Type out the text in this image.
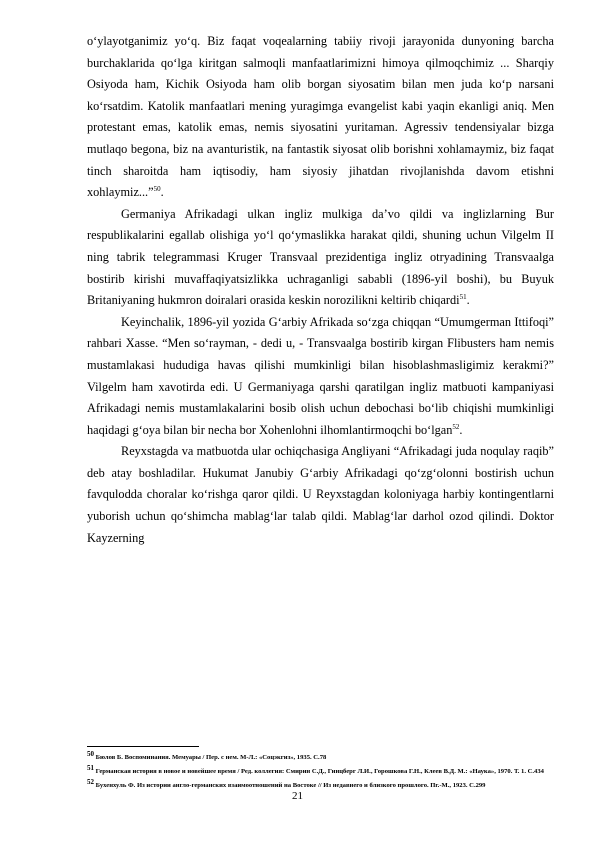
o‘ylayotganimiz yo‘q. Biz faqat voqealarning tabiiy rivoji jarayonida dunyoning barcha burchaklarida qo‘lga kiritgan salmoqli manfaatlarimizni himoya qilmoqchimiz ... Sharqiy Osiyoda ham, Kichik Osiyoda ham olib borgan siyosatim bilan men juda ko‘p narsani ko‘rsatdim. Katolik manfaatlari mening yuragimga evangelist kabi yaqin ekanligi aniq. Men protestant emas, katolik emas, nemis siyosatini yuritaman. Agressiv tendensiyalar bizga mutlaqo begona, biz na avanturistik, na fantastik siyosat olib borishni xohlamaymiz, biz faqat tinch sharoitda ham iqtisodiy, ham siyosiy jihatdan rivojlanishda davom etishni xohlaymiz...”$^{50}$.

Germaniya Afrikadagi ulkan ingliz mulkiga da’vo qildi va inglizlarning Bur respublikalarini egallab olishiga yo‘l qo‘ymaslikka harakat qildi, shuning uchun Vilgelm II ning tabrik telegrammasi Kruger Transvaal prezidentiga ingliz otryadining Transvaalga bostirib kirishi muvaffaqiyatsizlikka uchraganligi sababli (1896-yil boshi), bu Buyuk Britaniyaning hukmron doiralari orasida keskin norozilikni keltirib chiqardi$^{51}$.

Keyinchalik, 1896-yil yozida G‘arbiy Afrikada so‘zga chiqqan “Umumgerman Ittifoqi” rahbari Xasse. “Men so‘rayman, - dedi u, - Transvaalga bostirib kirgan Flibusters ham nemis mustamlakasi hududiga havas qilishi mumkinligi bilan hisoblashmasligimiz kerakmi?” Vilgelm ham xavotirda edi. U Germaniyaga qarshi qaratilgan ingliz matbuoti kampaniyasi Afrikadagi nemis mustamlakalarini bosib olish uchun debochasi bo‘lib chiqishi mumkinligi haqidagi g‘oya bilan bir necha bor Xohenlohni ilhomlantirmoqchi bo‘lgan$^{52}$.

Reyxstagda va matbuotda ular ochiqchasiga Angliyani “Afrikadagi juda noqulay raqib” deb atay boshladilar. Hukumat Janubiy G‘arbiy Afrikadagi qo‘zg‘olonni bostirish uchun favqulodda choralar ko‘rishga qaror qildi. U Reyxstagdan koloniyaga harbiy kontingentlarni yuborish uchun qo‘shimcha mablag‘lar talab qildi. Mablag‘lar darhol ozod qilindi. Doktor Kayzerning

$^{50}$ Бюлов Б. Воспоминания. Мемуары / Пер. с нем. М-Л.: «Соцэкгиз», 1935. С.78

$^{51}$ Германская история в новое и новейшее время / Ред. коллегия: Смирин С.Д., Гинцберг Л.И., Горошкова Г.Н., Клеев В.Д. М.: «Наука», 1970. Т. 1. С.434

$^{52}$ Бухенхуль Ф. Из истории англо-германских взаимоотношений на Востоке // Из недавнего и близкого прошлого. Пг.-М., 1923. С.299

21
